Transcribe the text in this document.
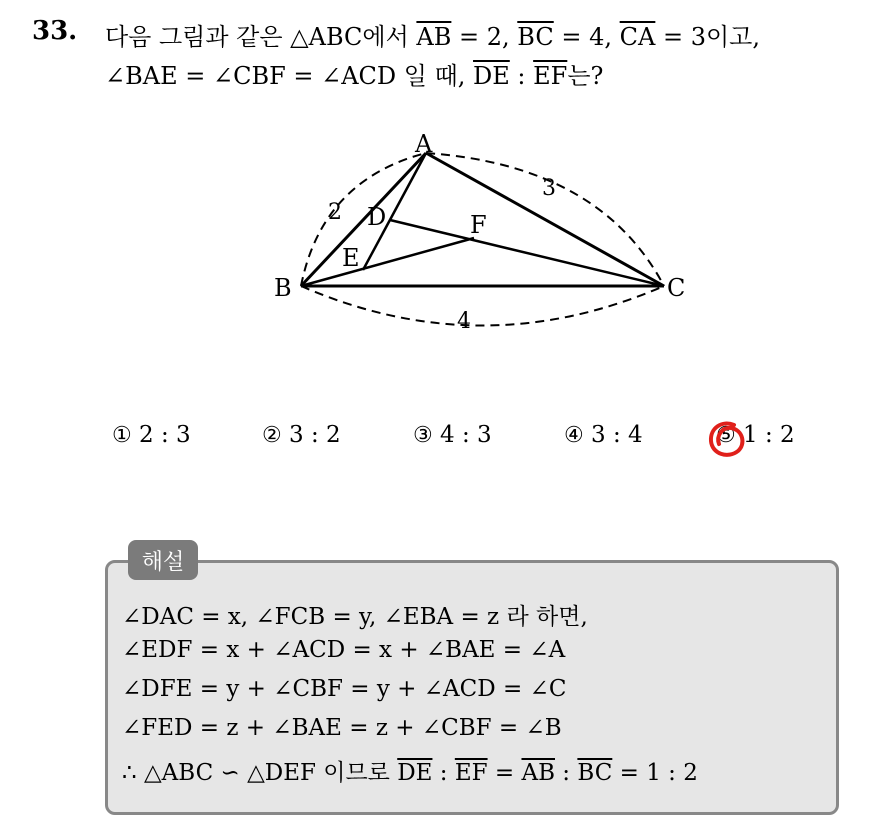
33. 다음 그림과 같은 △ABC에서 $\overline{AB} = 2$, $\overline{BC} = 4$, $\overline{CA} = 3$이고,
∠BAE = ∠CBF = ∠ACD 일 때, $\overline{DE}$ : $\overline{EF}$는?
A
B	C
D
E
F
2
3
4
① 2 : 3	② 3 : 2	③ 4 : 3	④ 3 : 4	⑤ 1 : 2
해설
∠DAC = x, ∠FCB = y, ∠EBA = z 라 하면,
∠EDF = x + ∠ACD = x + ∠BAE = ∠A
∠DFE = y + ∠CBF = y + ∠ACD = ∠C
∠FED = z + ∠BAE = z + ∠CBF = ∠B
∴ △ABC ∽ △DEF 이므로 $\overline{DE}$ : $\overline{EF} = \overline{AB}$ : $\overline{BC} = 1$ : 2
